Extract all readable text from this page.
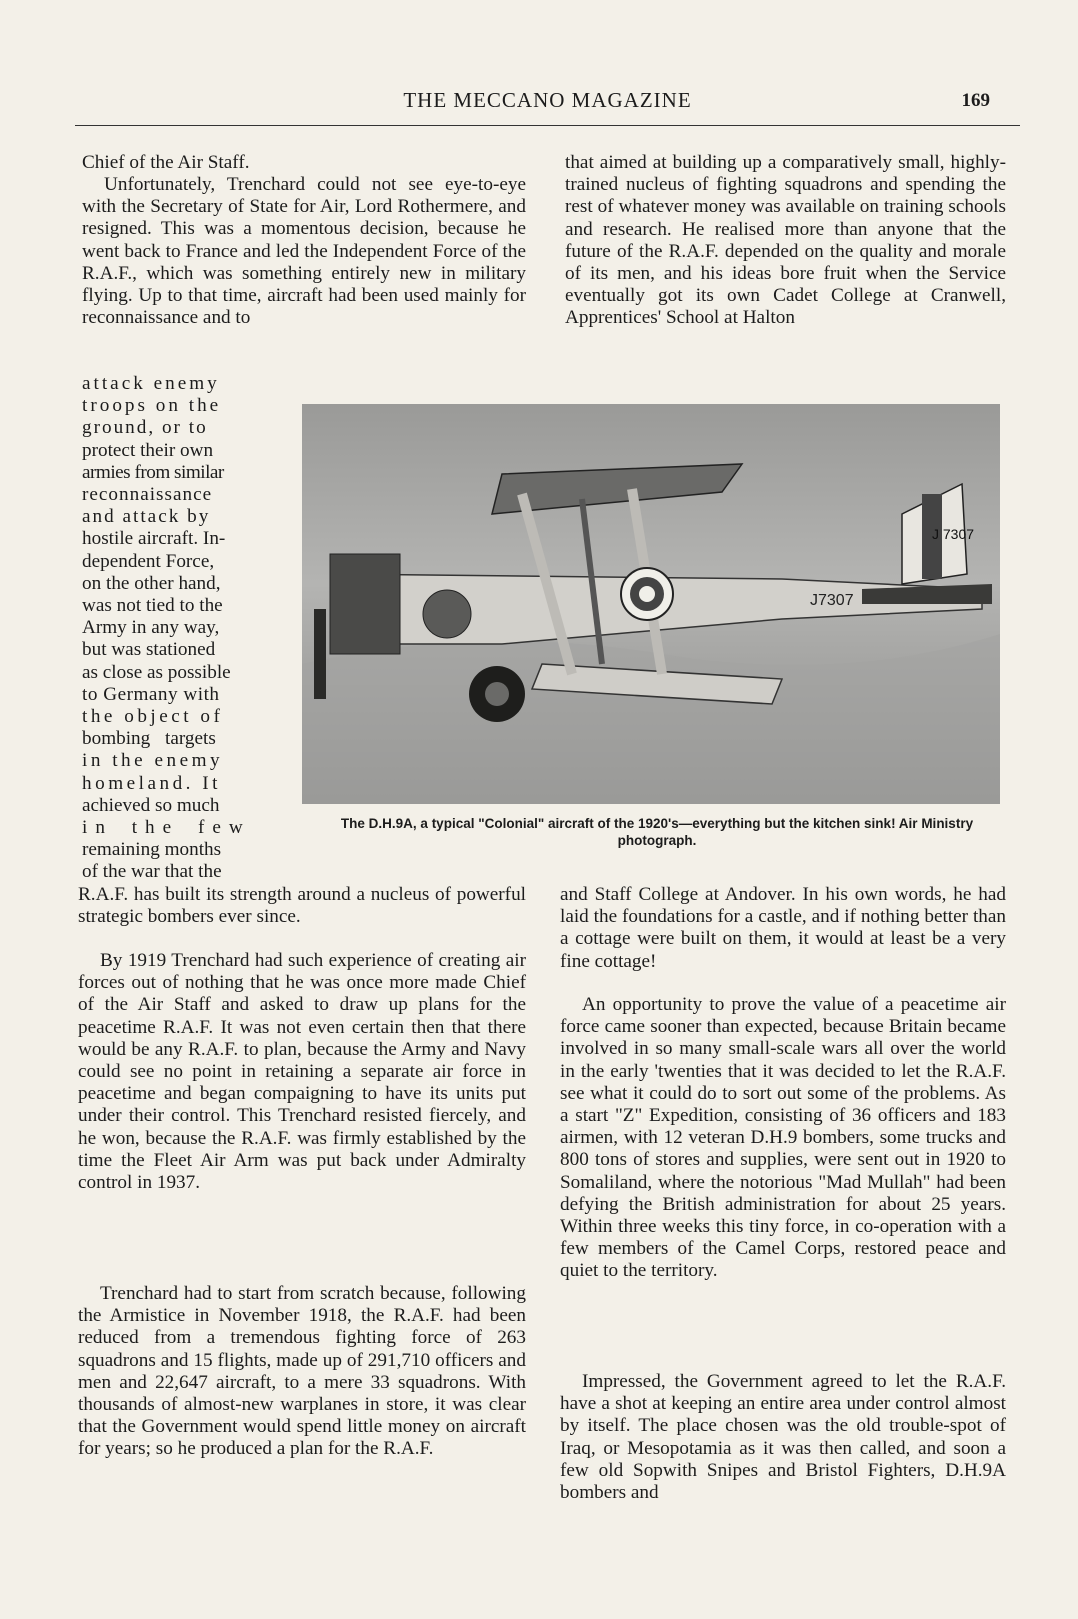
THE MECCANO MAGAZINE	169

Chief of the Air Staff.

Unfortunately, Trenchard could not see eye-to-eye with the Secretary of State for Air, Lord Rothermere, and resigned. This was a momentous decision, because he went back to France and led the Independent Force of the R.A.F., which was something entirely new in military flying. Up to that time, aircraft had been used mainly for reconnaissance and to

attack enemy
troops on the
ground, or to
protect their own
armies from similar
reconnaissance
and attack by
hostile aircraft. In-
dependent Force,
on the other hand,
was not tied to the
Army in any way,
but was stationed
as close as possible
to Germany with
the object of
bombing targets
in the enemy
homeland. It
achieved so much
in the few
remaining months
of the war that the

R.A.F. has built its strength around a nucleus of powerful strategic bombers ever since.

By 1919 Trenchard had such experience of creating air forces out of nothing that he was once more made Chief of the Air Staff and asked to draw up plans for the peacetime R.A.F. It was not even certain then that there would be any R.A.F. to plan, because the Army and Navy could see no point in retaining a separate air force in peacetime and began compaigning to have its units put under their control. This Trenchard resisted fiercely, and he won, because the R.A.F. was firmly established by the time the Fleet Air Arm was put back under Admiralty control in 1937.

Trenchard had to start from scratch because, following the Armistice in November 1918, the R.A.F. had been reduced from a tremendous fighting force of 263 squadrons and 15 flights, made up of 291,710 officers and men and 22,647 aircraft, to a mere 33 squadrons. With thousands of almost-new warplanes in store, it was clear that the Government would spend little money on aircraft for years; so he produced a plan for the R.A.F.

that aimed at building up a comparatively small, highly-trained nucleus of fighting squadrons and spending the rest of whatever money was available on training schools and research. He realised more than anyone that the future of the R.A.F. depended on the quality and morale of its men, and his ideas bore fruit when the Service eventually got its own Cadet College at Cranwell, Apprentices' School at Halton

J7307
J 7307
The D.H.9A, a typical "Colonial" aircraft of the 1920's—everything but the kitchen sink! Air Ministry photograph.

and Staff College at Andover. In his own words, he had laid the foundations for a castle, and if nothing better than a cottage were built on them, it would at least be a very fine cottage!

An opportunity to prove the value of a peacetime air force came sooner than expected, because Britain became involved in so many small-scale wars all over the world in the early 'twenties that it was decided to let the R.A.F. see what it could do to sort out some of the problems. As a start "Z" Expedition, consisting of 36 officers and 183 airmen, with 12 veteran D.H.9 bombers, some trucks and 800 tons of stores and supplies, were sent out in 1920 to Somaliland, where the notorious "Mad Mullah" had been defying the British administration for about 25 years. Within three weeks this tiny force, in co-operation with a few members of the Camel Corps, restored peace and quiet to the territory.

Impressed, the Government agreed to let the R.A.F. have a shot at keeping an entire area under control almost by itself. The place chosen was the old trouble-spot of Iraq, or Mesopotamia as it was then called, and soon a few old Sopwith Snipes and Bristol Fighters, D.H.9A bombers and
